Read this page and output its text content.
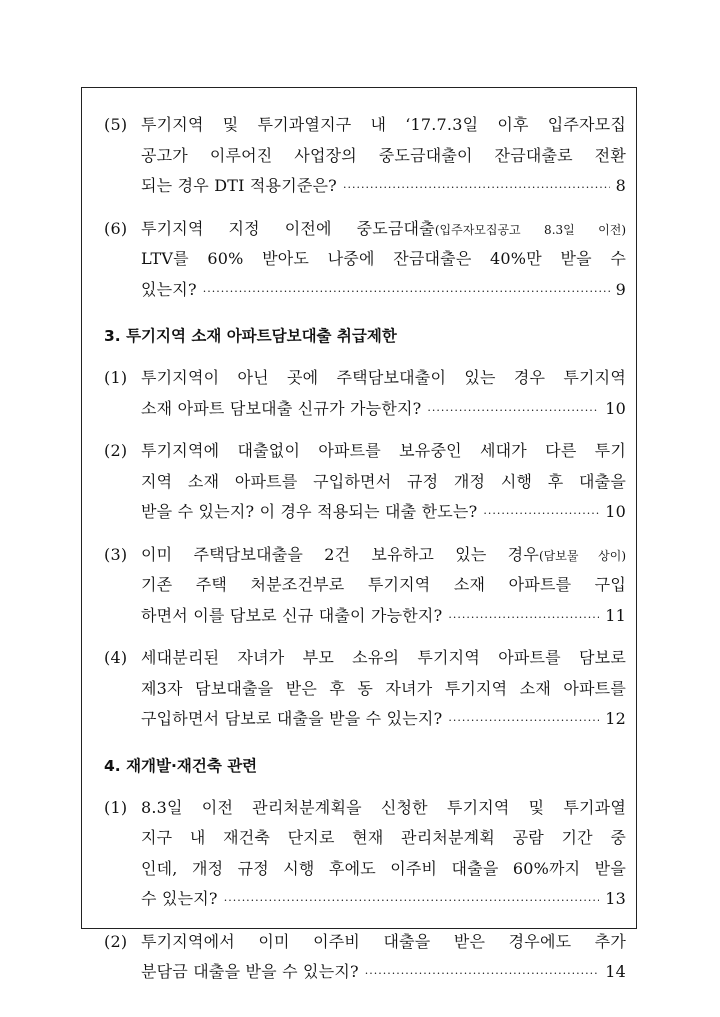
(5) 투기지역 및 투기과열지구 내 ‘17.7.3일 이후 입주자모집
공고가 이루어진 사업장의 중도금대출이 잔금대출로 전환
되는 경우 DTI 적용기준은? ·····	8
(6) 투기지역 지정 이전에 중도금대출(입주자모집공고 8.3일 이전)
LTV를 60% 받아도 나중에 잔금대출은 40%만 받을 수
있는지? ·····	9
3. 투기지역 소재 아파트담보대출 취급제한
(1) 투기지역이 아닌 곳에 주택담보대출이 있는 경우 투기지역
소재 아파트 담보대출 신규가 가능한지? ·····	10
(2) 투기지역에 대출없이 아파트를 보유중인 세대가 다른 투기
지역 소재 아파트를 구입하면서 규정 개정 시행 후 대출을
받을 수 있는지? 이 경우 적용되는 대출 한도는? ·····	10
(3) 이미 주택담보대출을 2건 보유하고 있는 경우(담보물 상이)
기존 주택 처분조건부로 투기지역 소재 아파트를 구입
하면서 이를 담보로 신규 대출이 가능한지? ·····	11
(4) 세대분리된 자녀가 부모 소유의 투기지역 아파트를 담보로
제3자 담보대출을 받은 후 동 자녀가 투기지역 소재 아파트를
구입하면서 담보로 대출을 받을 수 있는지? ·····	12
4. 재개발·재건축 관련
(1) 8.3일 이전 관리처분계획을 신청한 투기지역 및 투기과열
지구 내 재건축 단지로 현재 관리처분계획 공람 기간 중
인데, 개정 규정 시행 후에도 이주비 대출을 60%까지 받을
수 있는지? ·····	13
(2) 투기지역에서 이미 이주비 대출을 받은 경우에도 추가
분담금 대출을 받을 수 있는지? ·····	14
